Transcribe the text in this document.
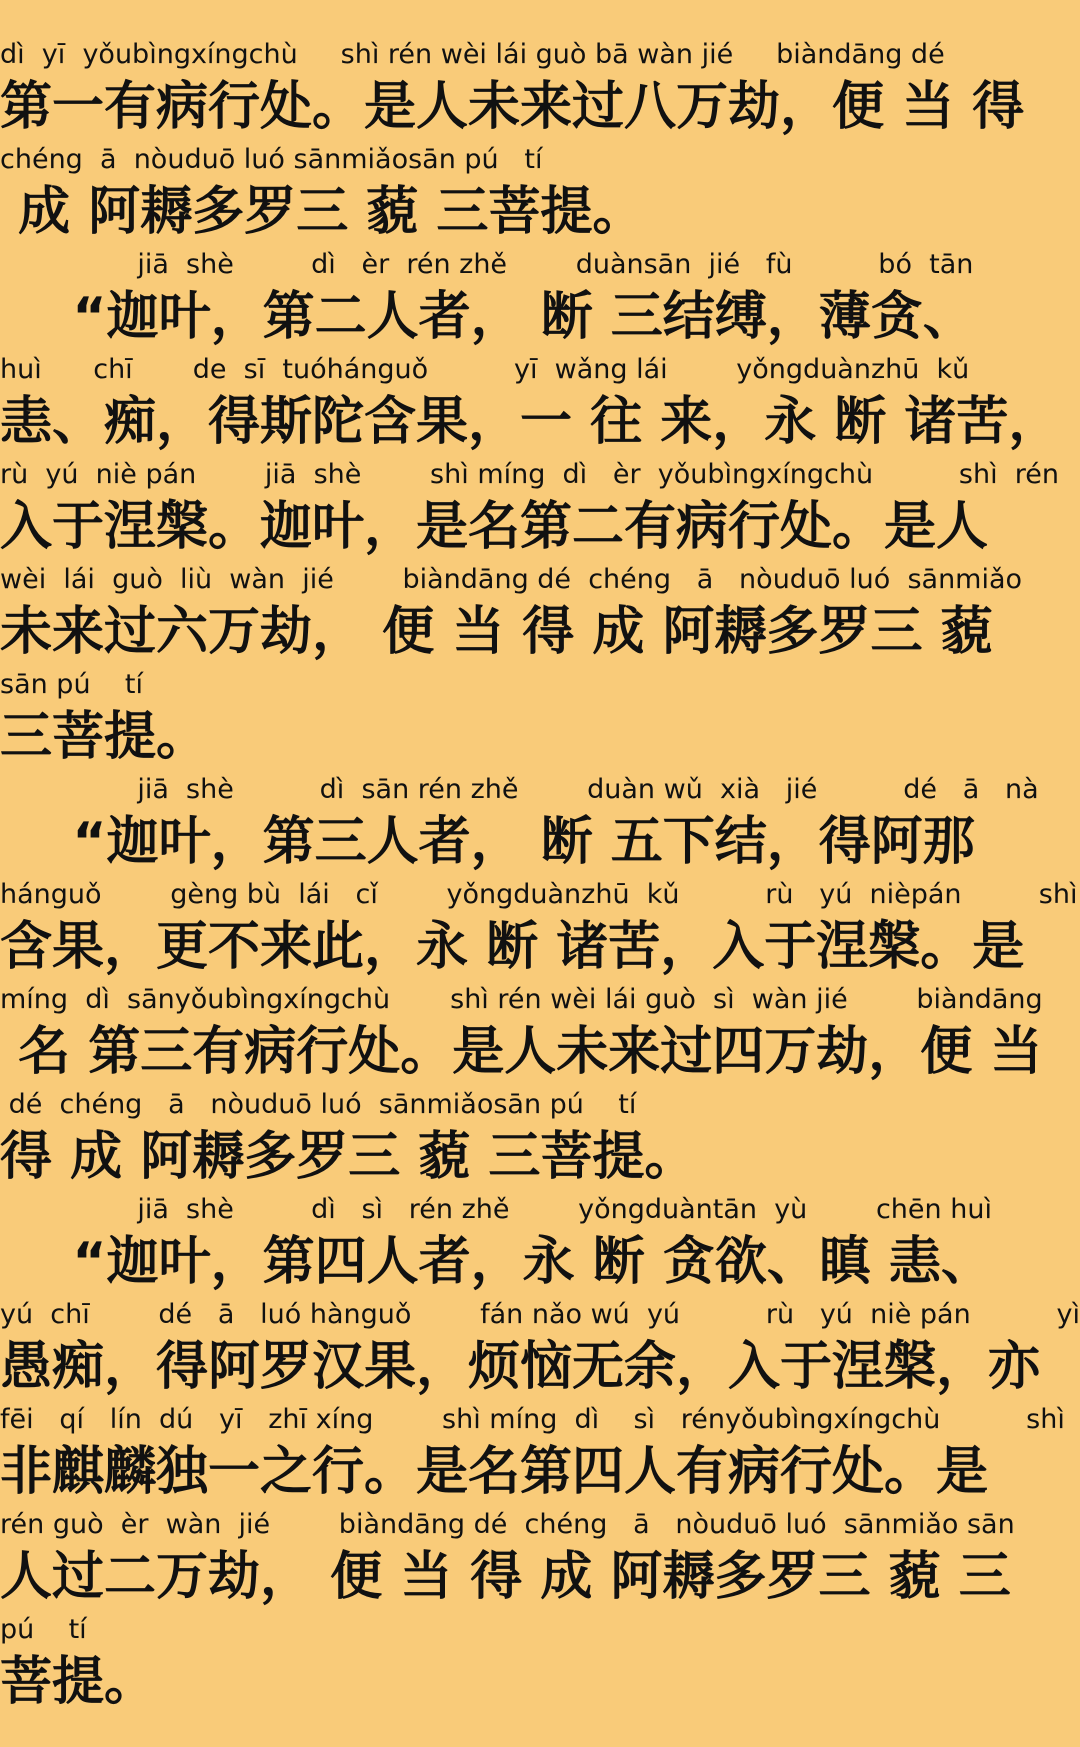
dì  yī  yǒubìngxíngchù     shì rén wèi lái guò bā wàn jié     biàndāng dé
第一有病行处。是人未来过八万劫，便 当 得
chéng  ā  nòuduō luó sānmiǎosān pú   tí
成 阿耨多罗三 藐 三菩提。
jiā  shè         dì   èr  rén zhě        duànsān  jié   fù          bó  tān
“迦叶，第二人者， 断 三结缚，薄贪、
huì      chī       de  sī  tuóhánguǒ          yī  wǎng lái        yǒngduànzhū  kǔ
恚、痴，得斯陀含果，一 往 来，永 断 诸苦，
rù  yú  niè pán        jiā  shè        shì míng  dì   èr  yǒubìngxíngchù          shì  rén
入于涅槃。迦叶，是名第二有病行处。是人
wèi  lái  guò  liù  wàn  jié        biàndāng dé  chéng   ā   nòuduō luó  sānmiǎo
未来过六万劫， 便 当 得 成 阿耨多罗三 藐
sān pú    tí
三菩提。
jiā  shè          dì  sān rén zhě        duàn wǔ  xià   jié          dé   ā   nà
“迦叶，第三人者， 断 五下结，得阿那
hánguǒ        gèng bù  lái   cǐ        yǒngduànzhū  kǔ          rù   yú  nièpán         shì
含果，更不来此，永 断 诸苦，入于涅槃。是
míng  dì  sānyǒubìngxíngchù       shì rén wèi lái guò  sì  wàn jié        biàndāng
名 第三有病行处。是人未来过四万劫，便 当
dé  chéng   ā   nòuduō luó  sānmiǎosān pú    tí
得 成 阿耨多罗三 藐 三菩提。
jiā  shè         dì   sì   rén zhě        yǒngduàntān  yù        chēn huì
“迦叶，第四人者，永 断 贪欲、瞋 恚、
yú  chī        dé   ā   luó hànguǒ        fán nǎo wú  yú          rù   yú  niè pán          yì
愚痴，得阿罗汉果，烦恼无余，入于涅槃，亦
fēi   qí   lín  dú   yī   zhī xíng        shì míng  dì    sì   rényǒubìngxíngchù          shì
非麒麟独一之行。是名第四人有病行处。是
rén guò  èr  wàn  jié        biàndāng dé  chéng   ā   nòuduō luó  sānmiǎo sān
人过二万劫， 便 当 得 成 阿耨多罗三 藐 三
pú    tí
菩提。
